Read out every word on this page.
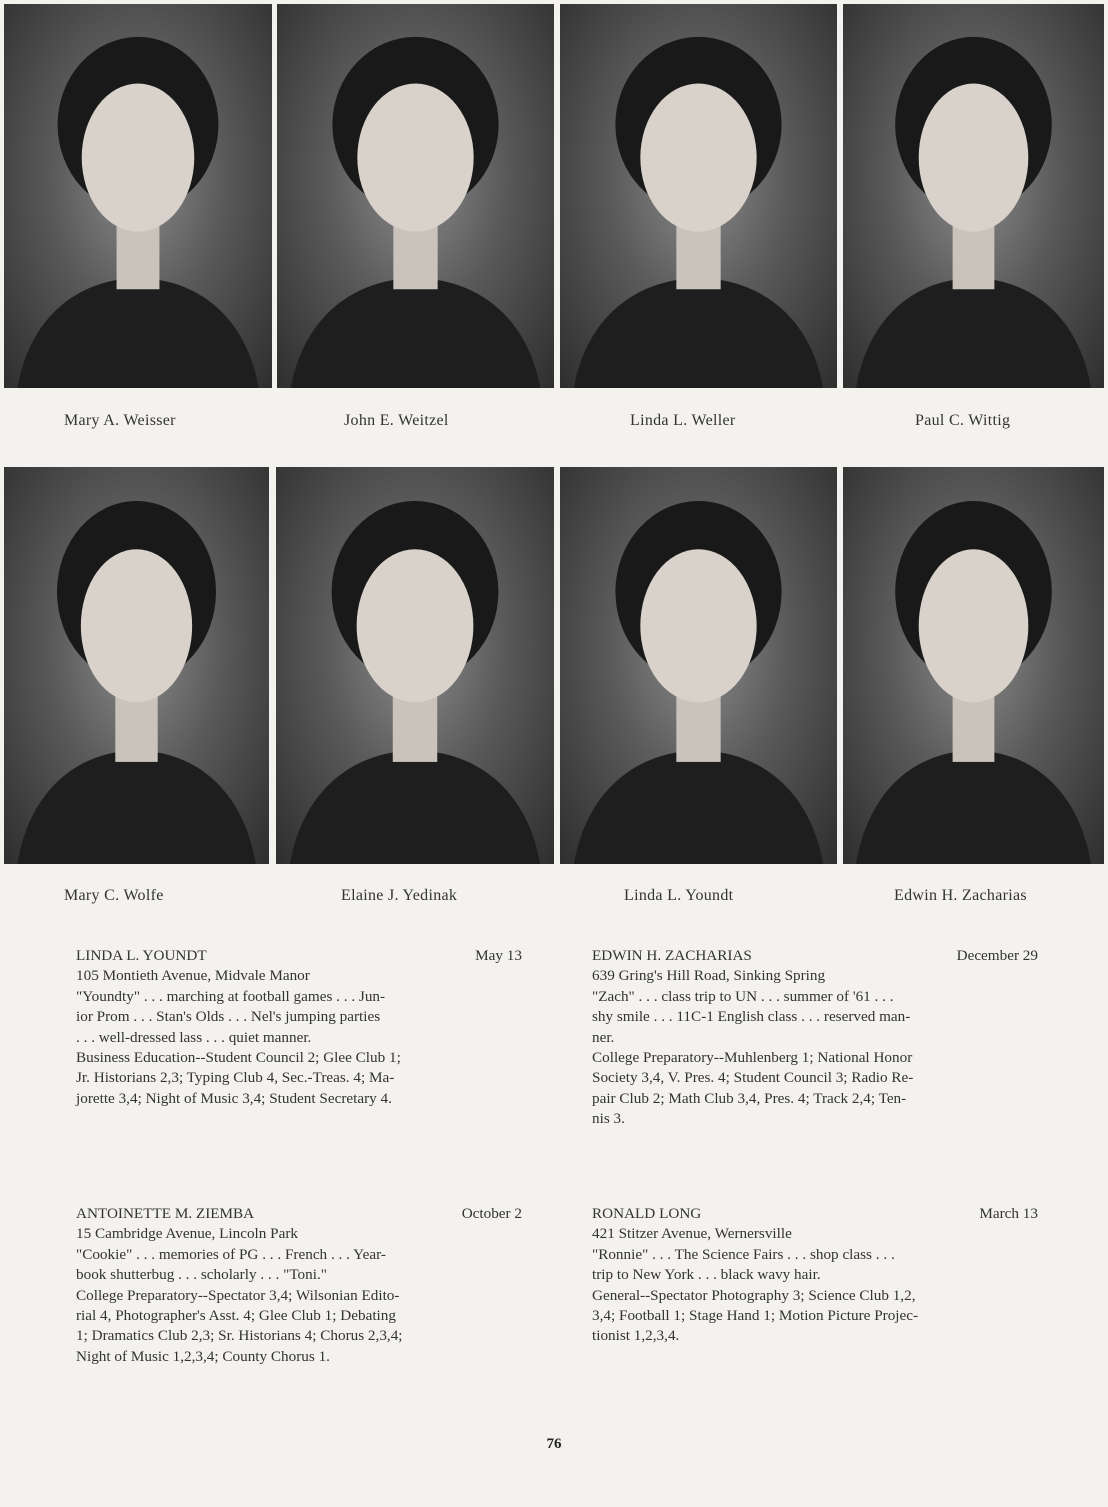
Mary A. Weisser	John E. Weitzel	Linda L. Weller	Paul C. Wittig
Mary C. Wolfe	Elaine J. Yedinak	Linda L. Youndt	Edwin H. Zacharias
LINDA L. YOUNDT	May 13
105 Montieth Avenue, Midvale Manor
"Youndty" . . . marching at football games . . . Jun-
ior Prom . . . Stan's Olds . . . Nel's jumping parties
. . . well-dressed lass . . . quiet manner.
Business Education--Student Council 2; Glee Club 1;
Jr. Historians 2,3; Typing Club 4, Sec.-Treas. 4; Ma-
jorette 3,4; Night of Music 3,4; Student Secretary 4.
EDWIN H. ZACHARIAS	December 29
639 Gring's Hill Road, Sinking Spring
"Zach" . . . class trip to UN . . . summer of '61 . . .
shy smile . . . 11C-1 English class . . . reserved man-
ner.
College Preparatory--Muhlenberg 1; National Honor
Society 3,4, V. Pres. 4; Student Council 3; Radio Re-
pair Club 2; Math Club 3,4, Pres. 4; Track 2,4; Ten-
nis 3.
ANTOINETTE M. ZIEMBA	October 2
15 Cambridge Avenue, Lincoln Park
"Cookie" . . . memories of PG . . . French . . . Year-
book shutterbug . . . scholarly . . . "Toni."
College Preparatory--Spectator 3,4; Wilsonian Edito-
rial 4, Photographer's Asst. 4; Glee Club 1; Debating
1; Dramatics Club 2,3; Sr. Historians 4; Chorus 2,3,4;
Night of Music 1,2,3,4; County Chorus 1.
RONALD LONG	March 13
421 Stitzer Avenue, Wernersville
"Ronnie" . . . The Science Fairs . . . shop class . . .
trip to New York . . . black wavy hair.
General--Spectator Photography 3; Science Club 1,2,
3,4; Football 1; Stage Hand 1; Motion Picture Projec-
tionist 1,2,3,4.
76
